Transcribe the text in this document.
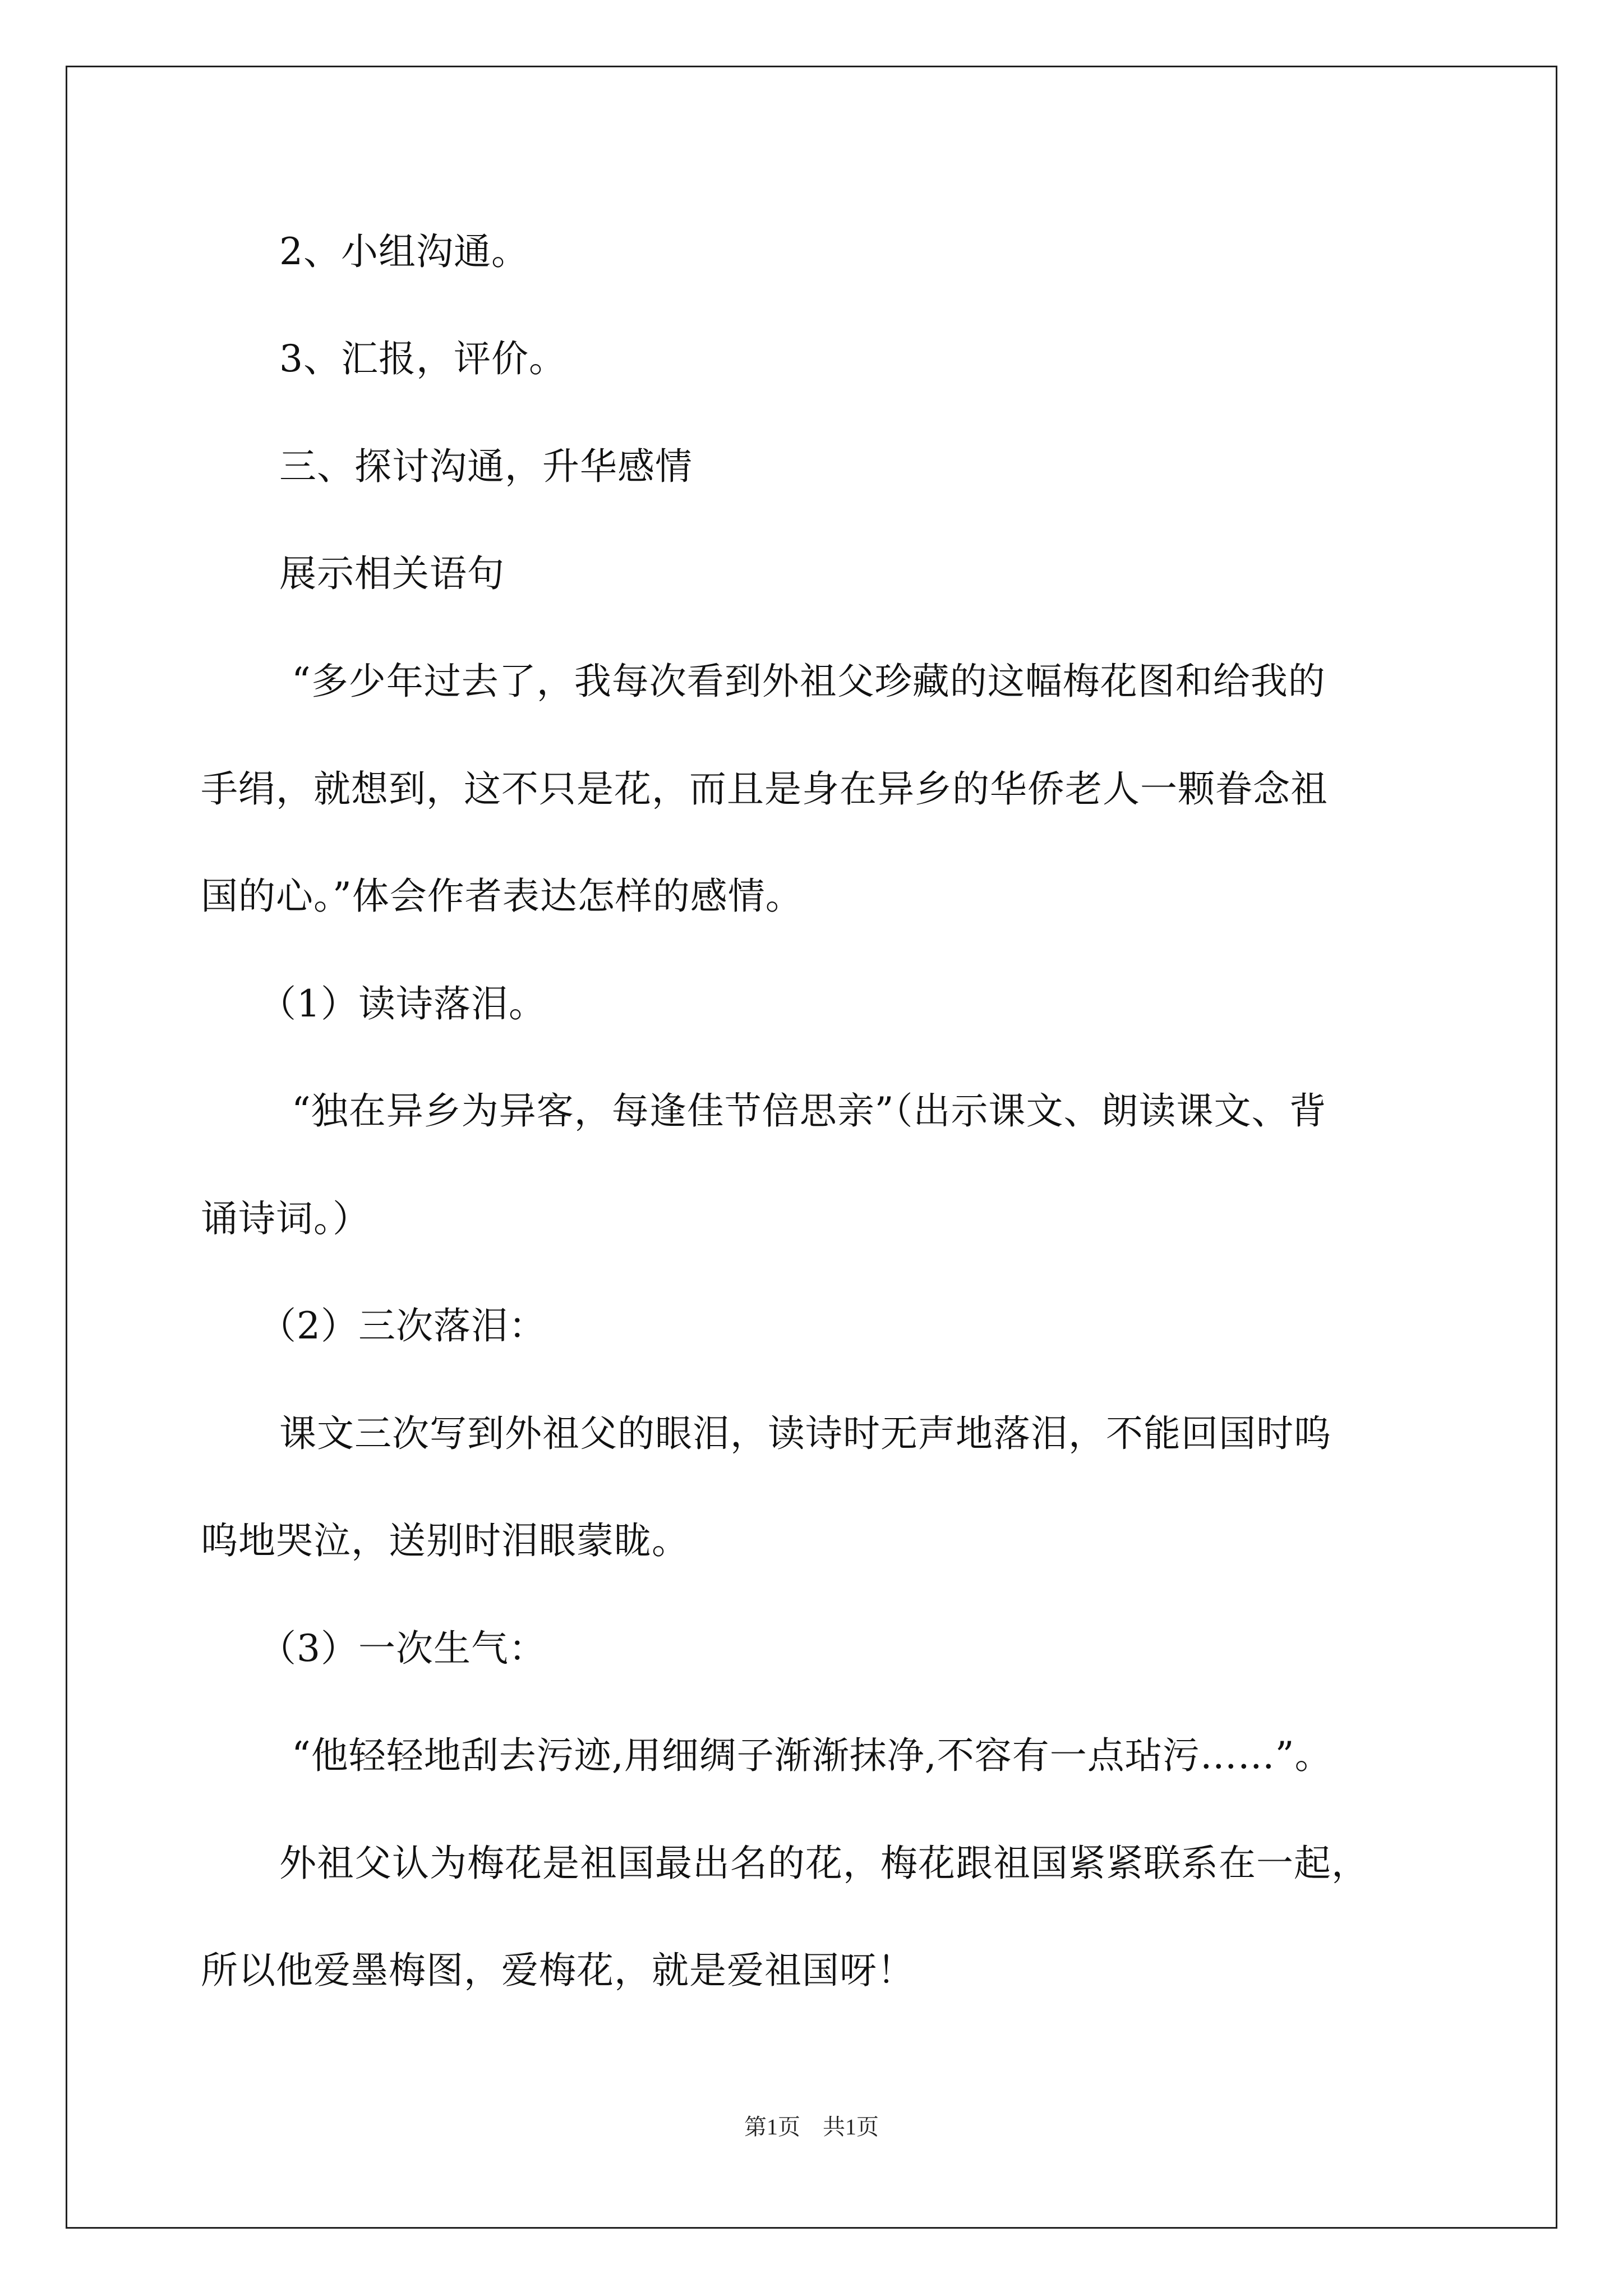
2、小组沟通。
3、汇报，评价。
三、探讨沟通，升华感情
展示相关语句
“多少年过去了，我每次看到外祖父珍藏的这幅梅花图和给我的
手绢，就想到，这不只是花，而且是身在异乡的华侨老人一颗眷念祖
国的心。”体会作者表达怎样的感情。
（1）读诗落泪。
“独在异乡为异客，每逢佳节倍思亲”（出示课文、朗读课文、背
诵诗词。）
（2）三次落泪：
课文三次写到外祖父的眼泪，读诗时无声地落泪，不能回国时呜
呜地哭泣，送别时泪眼蒙眬。
（3）一次生气：
“他轻轻地刮去污迹,用细绸子渐渐抹净,不容有一点玷污……”。
外祖父认为梅花是祖国最出名的花，梅花跟祖国紧紧联系在一起，
所以他爱墨梅图，爱梅花，就是爱祖国呀！
第1页　共1页
